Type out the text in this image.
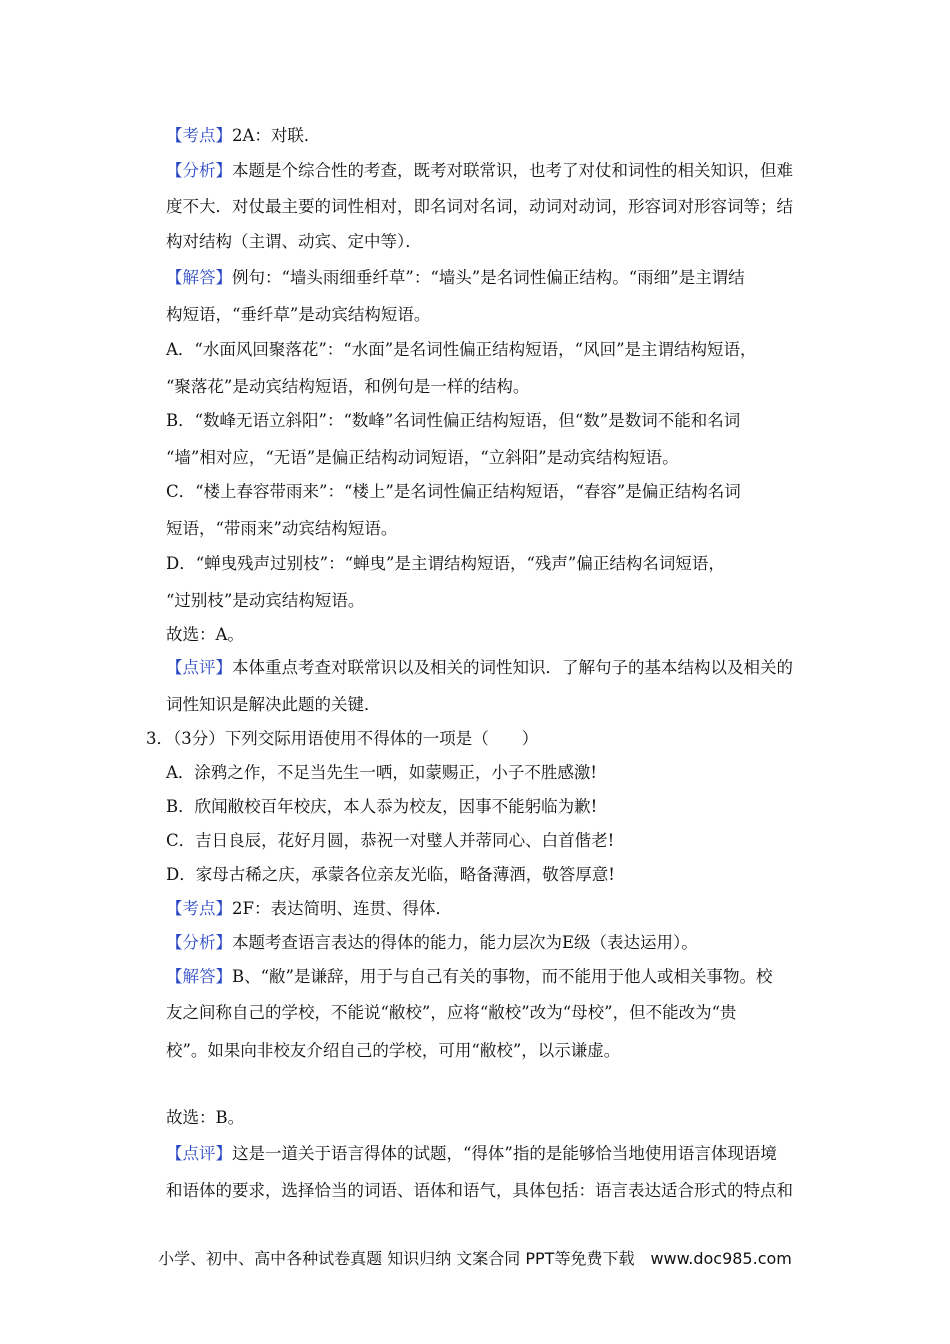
【考点】2A：对联．
【分析】本题是个综合性的考查，既考对联常识，也考了对仗和词性的相关知识，但难
度不大．对仗最主要的词性相对，即名词对名词，动词对动词，形容词对形容词等；结
构对结构（主谓、动宾、定中等）．
【解答】例句：“墙头雨细垂纤草”：“墙头”是名词性偏正结构。“雨细”是主谓结
构短语，“垂纤草”是动宾结构短语。
A．“水面风回聚落花”：“水面”是名词性偏正结构短语，“风回”是主谓结构短语，
“聚落花”是动宾结构短语，和例句是一样的结构。
B．“数峰无语立斜阳”：“数峰”名词性偏正结构短语，但“数”是数词不能和名词
“墙”相对应，“无语”是偏正结构动词短语，“立斜阳”是动宾结构短语。
C．“楼上春容带雨来”：“楼上”是名词性偏正结构短语，“春容”是偏正结构名词
短语，“带雨来”动宾结构短语。
D．“蝉曳残声过别枝”：“蝉曳”是主谓结构短语，“残声”偏正结构名词短语，
“过别枝”是动宾结构短语。
故选：A。
【点评】本体重点考查对联常识以及相关的词性知识．了解句子的基本结构以及相关的
词性知识是解决此题的关键．
3．（3分）下列交际用语使用不得体的一项是（　　）
A．涂鸦之作，不足当先生一哂，如蒙赐正，小子不胜感激!
B．欣闻敝校百年校庆，本人忝为校友，因事不能躬临为歉!
C．吉日良辰，花好月圆，恭祝一对璧人并蒂同心、白首偕老!
D．家母古稀之庆，承蒙各位亲友光临，略备薄酒，敬答厚意!
【考点】2F：表达简明、连贯、得体．
【分析】本题考查语言表达的得体的能力，能力层次为E级（表达运用）。
【解答】B、“敝”是谦辞，用于与自己有关的事物，而不能用于他人或相关事物。校
友之间称自己的学校，不能说“敝校”，应将“敝校”改为“母校”，但不能改为“贵
校”。如果向非校友介绍自己的学校，可用“敝校”，以示谦虚。
故选：B。
【点评】这是一道关于语言得体的试题，“得体”指的是能够恰当地使用语言体现语境
和语体的要求，选择恰当的词语、语体和语气，具体包括：语言表达适合形式的特点和
小学、初中、高中各种试卷真题 知识归纳 文案合同 PPT等免费下载　www.doc985.com
